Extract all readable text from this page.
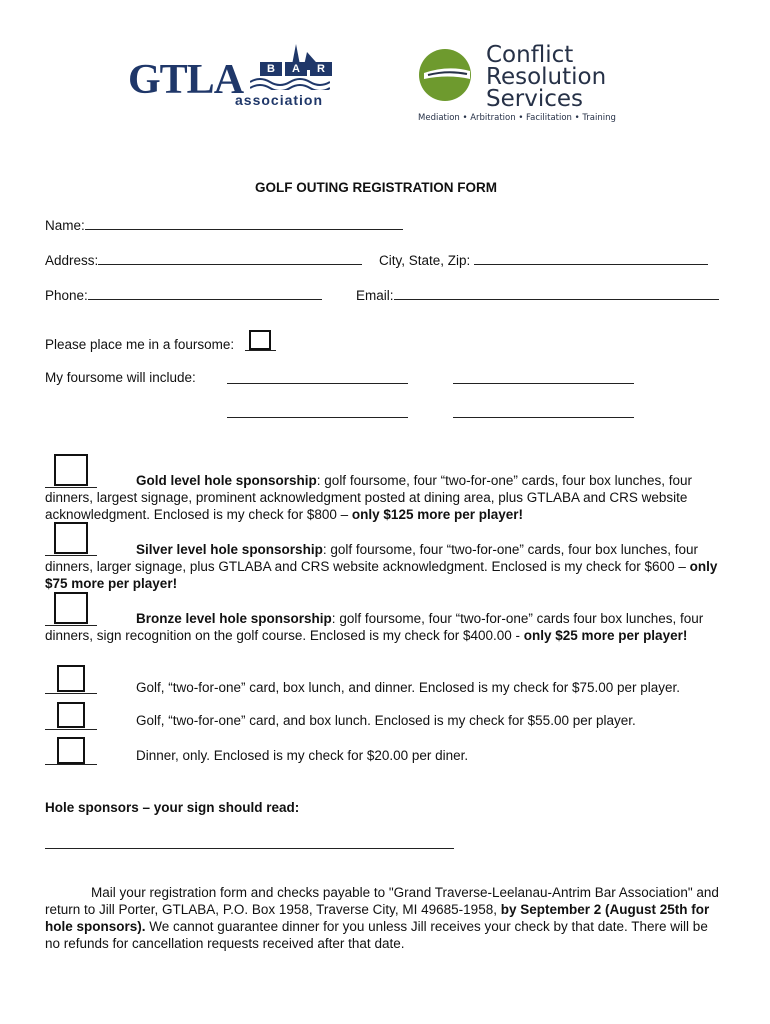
B	A	R
GTLA
association
Conflict
Resolution
Services
Mediation • Arbitration • Facilitation • Training
GOLF OUTING REGISTRATION FORM
Name:
Address:	City, State, Zip:
Phone:	Email:
Please place me in a foursome:
My foursome will include:
Gold level hole sponsorship: golf foursome, four “two-for-one” cards, four box lunches, four dinners, largest signage, prominent acknowledgment posted at dining area, plus GTLABA and CRS website acknowledgment. Enclosed is my check for $800 – only $125 more per player!
Silver level hole sponsorship: golf foursome, four “two-for-one” cards, four box lunches, four dinners, larger signage, plus GTLABA and CRS website acknowledgment. Enclosed is my check for $600 – only $75 more per player!
Bronze level hole sponsorship: golf foursome, four “two-for-one” cards four box lunches, four dinners, sign recognition on the golf course. Enclosed is my check for $400.00 - only $25 more per player!
Golf, “two-for-one” card, box lunch, and dinner. Enclosed is my check for $75.00 per player.
Golf, “two-for-one” card, and box lunch. Enclosed is my check for $55.00 per player.
Dinner, only. Enclosed is my check for $20.00 per diner.
Hole sponsors – your sign should read:
Mail your registration form and checks payable to "Grand Traverse-Leelanau-Antrim Bar Association" and return to Jill Porter, GTLABA, P.O. Box 1958, Traverse City, MI 49685-1958, by September 2 (August 25th for hole sponsors). We cannot guarantee dinner for you unless Jill receives your check by that date. There will be no refunds for cancellation requests received after that date.
